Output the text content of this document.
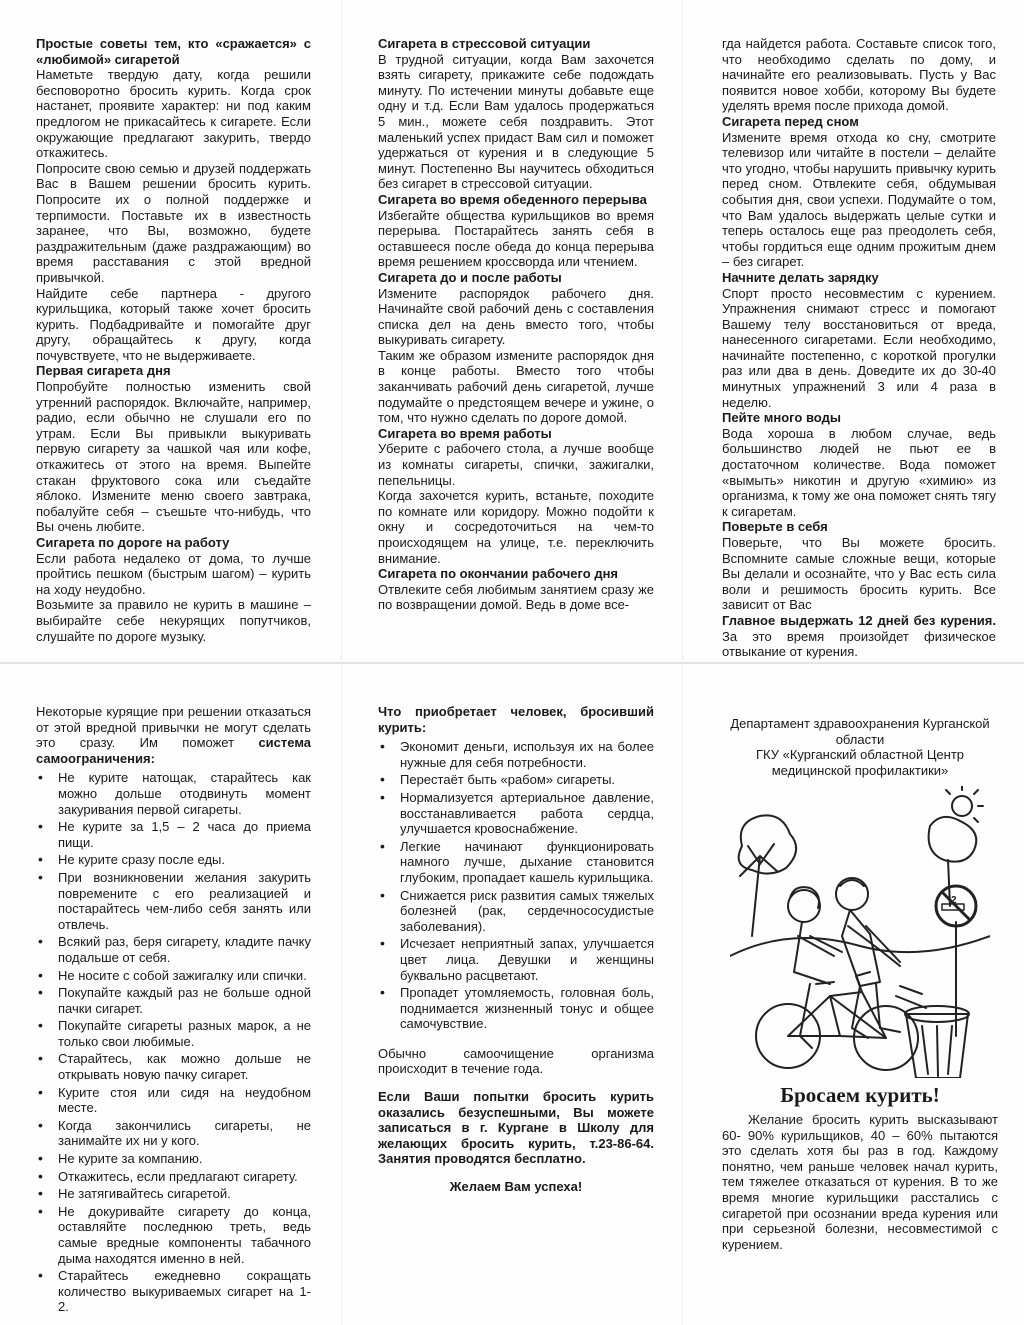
Простые советы тем, кто «сражается» с «любимой» сигаретой

Наметьте твердую дату, когда решили бесповоротно бросить курить. Когда срок настанет, проявите характер: ни под каким предлогом не прикасайтесь к сигарете. Если окружающие предлагают закурить, твердо откажитесь.

Попросите свою семью и друзей поддержать Вас в Вашем решении бросить курить. Попросите их о полной поддержке и терпимости. Поставьте их в известность заранее, что Вы, возможно, будете раздражительным (даже раздражающим) во время расставания с этой вредной привычкой.

Найдите себе партнера - другого курильщика, который также хочет бросить курить. Подбадривайте и помогайте друг другу, обращайтесь к другу, когда почувствуете, что не выдерживаете.

Первая сигарета дня

Попробуйте полностью изменить свой утренний распорядок. Включайте, например, радио, если обычно не слушали его по утрам. Если Вы привыкли выкуривать первую сигарету за чашкой чая или кофе, откажитесь от этого на время. Выпейте стакан фруктового сока или съедайте яблоко. Измените меню своего завтрака, побалуйте себя – съешьте что-нибудь, что Вы очень любите.

Сигарета по дороге на работу

Если работа недалеко от дома, то лучше пройтись пешком (быстрым шагом) – курить на ходу неудобно.

Возьмите за правило не курить в машине – выбирайте себе некурящих попутчиков, слушайте по дороге музыку.

Сигарета в стрессовой ситуации

В трудной ситуации, когда Вам захочется взять сигарету, прикажите себе подождать минуту. По истечении минуты добавьте еще одну и т.д. Если Вам удалось продержаться 5 мин., можете себя поздравить. Этот маленький успех придаст Вам сил и поможет удержаться от курения и в следующие 5 минут. Постепенно Вы научитесь обходиться без сигарет в стрессовой ситуации.

Сигарета во время обеденного перерыва

Избегайте общества курильщиков во время перерыва. Постарайтесь занять себя в оставшееся после обеда до конца перерыва время решением кроссворда или чтением.

Сигарета до и после работы

Измените распорядок рабочего дня. Начинайте свой рабочий день с составления списка дел на день вместо того, чтобы выкуривать сигарету.

Таким же образом измените распорядок дня в конце работы. Вместо того чтобы заканчивать рабочий день сигаретой, лучше подумайте о предстоящем вечере и ужине, о том, что нужно сделать по дороге домой.

Сигарета во время работы

Уберите с рабочего стола, а лучше вообще из комнаты сигареты, спички, зажигалки, пепельницы.

Когда захочется курить, встаньте, походите по комнате или коридору. Можно подойти к окну и сосредоточиться на чем-то происходящем на улице, т.е. переключить внимание.

Сигарета по окончании рабочего дня

Отвлеките себя любимым занятием сразу же по возвращении домой. Ведь в доме все-

гда найдется работа. Составьте список того, что необходимо сделать по дому, и начинайте его реализовывать. Пусть у Вас появится новое хобби, которому Вы будете уделять время после прихода домой.

Сигарета перед сном

Измените время отхода ко сну, смотрите телевизор или читайте в постели – делайте что угодно, чтобы нарушить привычку курить перед сном. Отвлеките себя, обдумывая события дня, свои успехи. Подумайте о том, что Вам удалось выдержать целые сутки и теперь осталось еще раз преодолеть себя, чтобы гордиться еще одним прожитым днем – без сигарет.

Начните делать зарядку

Спорт просто несовместим с курением. Упражнения снимают стресс и помогают Вашему телу восстановиться от вреда, нанесенного сигаретами. Если необходимо, начинайте постепенно, с короткой прогулки раз или два в день. Доведите их до 30-40 минутных упражнений 3 или 4 раза в неделю.

Пейте много воды

Вода хороша в любом случае, ведь большинство людей не пьют ее в достаточном количестве. Вода поможет «вымыть» никотин и другую «химию» из организма, к тому же она поможет снять тягу к сигаретам.

Поверьте в себя

Поверьте, что Вы можете бросить. Вспомните самые сложные вещи, которые Вы делали и осознайте, что у Вас есть сила воли и решимость бросить курить. Все зависит от Вас

Главное выдержать 12 дней без курения. За это время произойдет физическое отвыкание от курения.

Некоторые курящие при решении отказаться от этой вредной привычки не могут сделать это сразу. Им поможет система самоограничения:

• Не курите натощак, старайтесь как можно дольше отодвинуть момент закуривания первой сигареты.
• Не курите за 1,5 – 2 часа до приема пищи.
• Не курите сразу после еды.
• При возникновении желания закурить повремените с его реализацией и постарайтесь чем-либо себя занять или отвлечь.
• Всякий раз, беря сигарету, кладите пачку подальше от себя.
• Не носите с собой зажигалку или спички.
• Покупайте каждый раз не больше одной пачки сигарет.
• Покупайте сигареты разных марок, а не только свои любимые.
• Старайтесь, как можно дольше не открывать новую пачку сигарет.
• Курите стоя или сидя на неудобном месте.
• Когда закончились сигареты, не занимайте их ни у кого.
• Не курите за компанию.
• Откажитесь, если предлагают сигарету.
• Не затягивайтесь сигаретой.
• Не докуривайте сигарету до конца, оставляйте последнюю треть, ведь самые вредные компоненты табачного дыма находятся именно в ней.
• Старайтесь ежедневно сокращать количество выкуриваемых сигарет на 1-2.
Что приобретает человек, бросивший курить:
• Экономит деньги, используя их на более нужные для себя потребности.
• Перестаёт быть «рабом» сигареты.
• Нормализуется артериальное давление, восстанавливается работа сердца, улучшается кровоснабжение.
• Легкие начинают функционировать намного лучше, дыхание становится глубоким, пропадает кашель курильщика.
• Снижается риск развития самых тяжелых болезней (рак, сердечнососудистые заболевания).
• Исчезает неприятный запах, улучшается цвет лица. Девушки и женщины буквально расцветают.
• Пропадет утомляемость, головная боль, поднимается жизненный тонус и общее самочувствие.

Обычно самоочищение организма происходит в течение года.

Если Ваши попытки бросить курить оказались безуспешными, Вы можете записаться в г. Кургане в Школу для желающих бросить курить, т.23-86-64. Занятия проводятся бесплатно.
Желаем Вам успеха!

Департамент здравоохранения Курганской области

ГКУ «Курганский областной Центр медицинской профилактики»

2
Бросаем курить!

Желание бросить курить высказывают 60- 90% курильщиков, 40 – 60% пытаются это сделать хотя бы раз в год. Каждому понятно, чем раньше человек начал курить, тем тяжелее отказаться от курения. В то же время многие курильщики расстались с сигаретой при осознании вреда курения или при серьезной болезни, несовместимой с курением.
